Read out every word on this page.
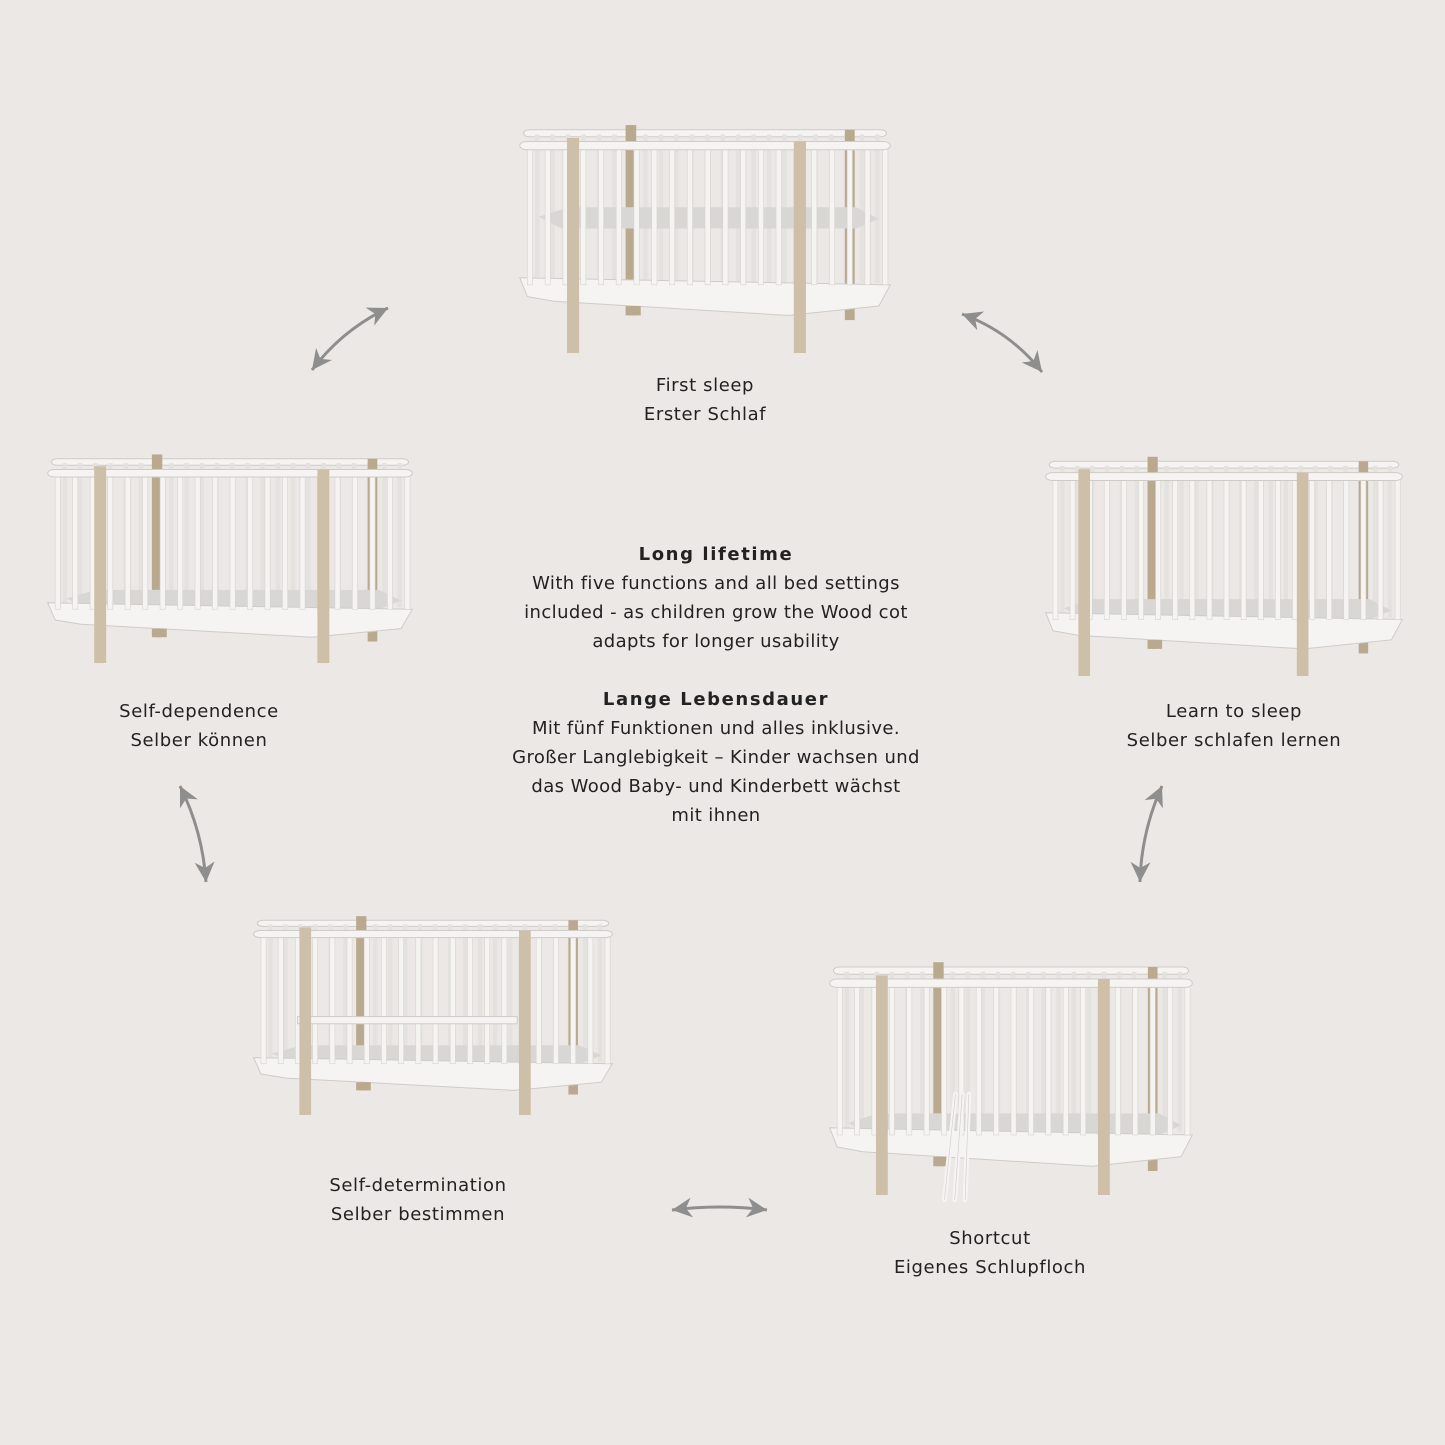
First sleep
Erster Schlaf
Learn to sleep
Selber schlafen lernen
Shortcut
Eigenes Schlupfloch
Self-determination
Selber bestimmen
Self-dependence
Selber können
Long lifetime
With five functions and all bed settings
included - as children grow the Wood cot
adapts for longer usability
Lange Lebensdauer
Mit fünf Funktionen und alles inklusive.
Großer Langlebigkeit – Kinder wachsen und
das Wood Baby- und Kinderbett wächst
mit ihnen
